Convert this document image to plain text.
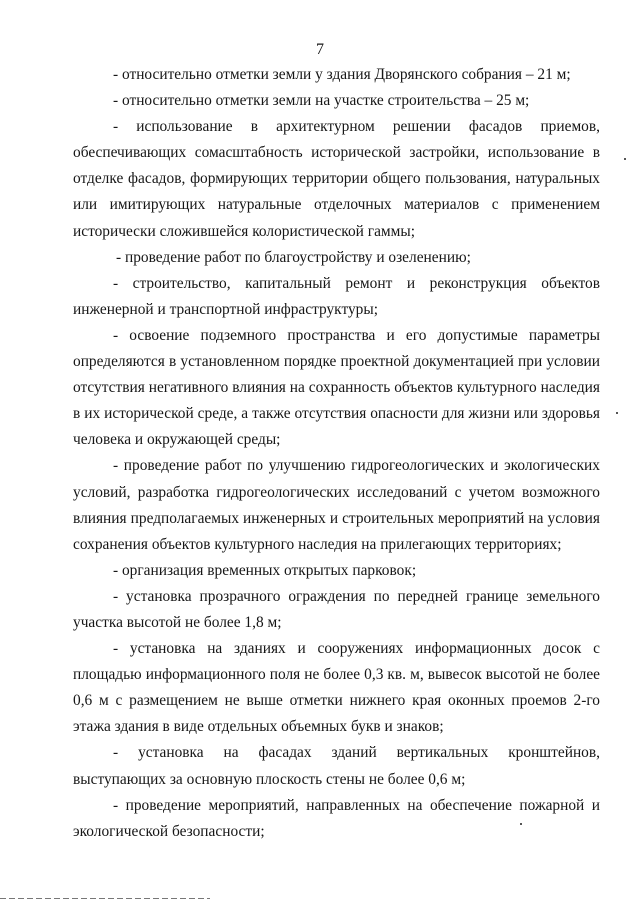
7

- относительно отметки земли у здания Дворянского собрания – 21 м;

- относительно отметки земли на участке строительства – 25 м;

- использование в архитектурном решении фасадов приемов, обеспечивающих сомасштабность исторической застройки, использование в отделке фасадов, формирующих территории общего пользования, натуральных или имитирующих натуральные отделочных материалов с применением исторически сложившейся колористической гаммы;

- проведение работ по благоустройству и озеленению;

- строительство, капитальный ремонт и реконструкция объектов инженерной и транспортной инфраструктуры;

- освоение подземного пространства и его допустимые параметры определяются в установленном порядке проектной документацией при условии отсутствия негативного влияния на сохранность объектов культурного наследия в их исторической среде, а также отсутствия опасности для жизни или здоровья человека и окружающей среды;

- проведение работ по улучшению гидрогеологических и экологических условий, разработка гидрогеологических исследований с учетом возможного влияния предполагаемых инженерных и строительных мероприятий на условия сохранения объектов культурного наследия на прилегающих территориях;

- организация временных открытых парковок;

- установка прозрачного ограждения по передней границе земельного участка высотой не более 1,8 м;

- установка на зданиях и сооружениях информационных досок с площадью информационного поля не более 0,3 кв. м, вывесок высотой не более 0,6 м с размещением не выше отметки нижнего края оконных проемов 2-го этажа здания в виде отдельных объемных букв и знаков;

- установка на фасадах зданий вертикальных кронштейнов, выступающих за основную плоскость стены не более 0,6 м;

- проведение мероприятий, направленных на обеспечение пожарной и экологической безопасности;
